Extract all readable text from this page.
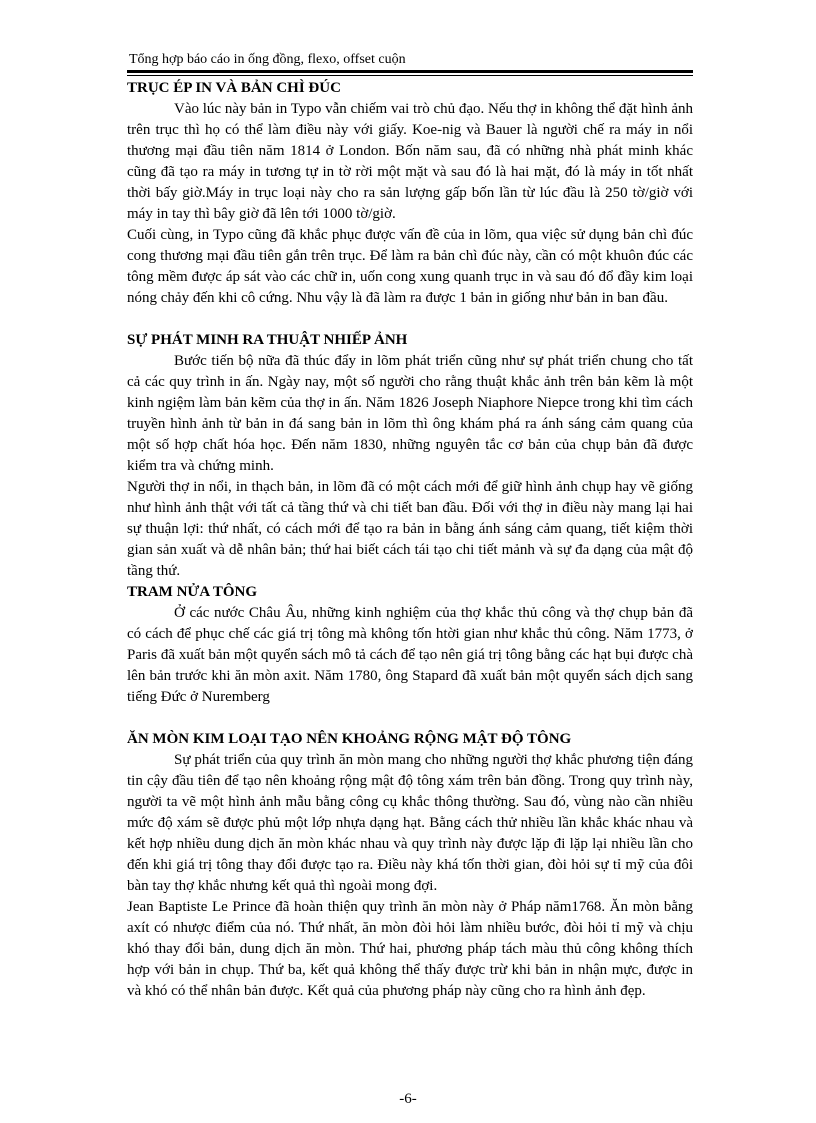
Tổng hợp báo cáo in ống đồng, flexo, offset cuộn
TRỤC ÉP IN VÀ BẢN CHÌ ĐÚC

Vào lúc này bản in Typo vẫn chiếm vai trò chủ đạo. Nếu thợ in không thể đặt hình ảnh trên trục thì họ có thể làm điều này với giấy. Koe-nig và Bauer là người chế ra máy in nổi thương mại đầu tiên năm 1814 ở London. Bốn năm sau, đã có những nhà phát minh khác cũng đã tạo ra máy in tương tự in tờ rời một mặt và sau đó là hai mặt, đó là máy in tốt nhất thời bấy giờ.Máy in trục loại này cho ra sản lượng gấp bốn lần từ lúc đầu là 250 tờ/giờ với máy in tay thì bây giờ đã lên tới 1000 tờ/giờ.

Cuối cùng, in Typo cũng đã khắc phục được vấn đề của in lõm, qua việc sử dụng bản chì đúc cong thương mại đầu tiên gắn trên trục. Để làm ra bản chì đúc này, cần có một khuôn đúc các tông mềm được áp sát vào các chữ in, uốn cong xung quanh trục in và sau đó đổ đầy kim loại nóng chảy đến khi cô cứng. Nhu vậy là đã làm ra được 1 bản in giống như bản in ban đầu.

SỰ PHÁT MINH RA THUẬT NHIẾP ẢNH

Bước tiến bộ nữa đã thúc đẩy in lõm phát triển cũng như sự phát triển chung cho tất cả các quy trình in ấn. Ngày nay, một số người cho rằng thuật khắc ảnh trên bản kẽm là một kinh ngiệm làm bản kẽm của thợ in ấn. Năm 1826 Joseph Niaphore Niepce trong khi tìm cách truyền hình ảnh từ bản in đá sang bản in lõm thì ông khám phá ra ánh sáng cảm quang của một số hợp chất hóa học. Đến năm 1830, những nguyên tắc cơ bản của chụp bản đã được kiểm tra và chứng minh.

Người thợ in nổi, in thạch bản, in lõm đã có một cách mới để giữ hình ảnh chụp hay vẽ giống như hình ảnh thật với tất cả tầng thứ và chi tiết ban đầu. Đối với thợ in điều này mang lại hai sự thuận lợi: thứ nhất, có cách mới để tạo ra bản in bằng ánh sáng cảm quang, tiết kiệm thời gian sản xuất và dễ nhân bản; thứ hai biết cách tái tạo chi tiết mảnh và sự đa dạng của mật độ tầng thứ.

TRAM NỬA TÔNG

Ở các nước Châu Âu, những kinh nghiệm của thợ khắc thủ công và thợ chụp bản đã có cách để phục chế các giá trị tông mà không tốn htời gian như khắc thủ công. Năm 1773, ở Paris đã xuất bản một quyển sách mô tả cách để tạo nên giá trị tông bằng các hạt bụi được chà lên bản trước khi ăn mòn axit. Năm 1780, ông Stapard đã xuất bản một quyển sách dịch sang tiếng Đức ở Nuremberg

ĂN MÒN KIM LOẠI TẠO NÊN KHOẢNG RỘNG MẬT ĐỘ TÔNG

Sự phát triển của quy trình ăn mòn mang cho những người thợ khắc phương tiện đáng tin cậy đầu tiên để tạo nên khoảng rộng mật độ tông xám trên bản đồng. Trong quy trình này, người ta vẽ một hình ảnh mẫu bằng công cụ khắc thông thường. Sau đó, vùng nào cần nhiều mức độ xám sẽ được phủ một lớp nhựa dạng hạt. Bằng cách thử nhiều lần khắc khác nhau và kết hợp nhiều dung dịch ăn mòn khác nhau và quy trình này được lặp đi lặp lại nhiều lần cho đến khi giá trị tông thay đổi được tạo ra. Điều này khá tốn thời gian, đòi hỏi sự tỉ mỹ của đôi bàn tay thợ khắc nhưng kết quả thì ngoài mong đợi.

Jean Baptiste Le Prince đã hoàn thiện quy trình ăn mòn này ở Pháp năm1768. Ăn mòn bằng axít có nhược điểm của nó. Thứ nhất, ăn mòn đòi hỏi làm nhiều bước, đòi hỏi tỉ mỹ và chịu khó thay đổi bản, dung dịch ăn mòn. Thứ hai, phương pháp tách màu thủ công không thích hợp với bản in chụp. Thứ ba, kết quả không thể thấy được trừ khi bản in nhận mực, được in và khó có thể nhân bản được. Kết quả của phương pháp này cũng cho ra hình ảnh đẹp.

-6-
